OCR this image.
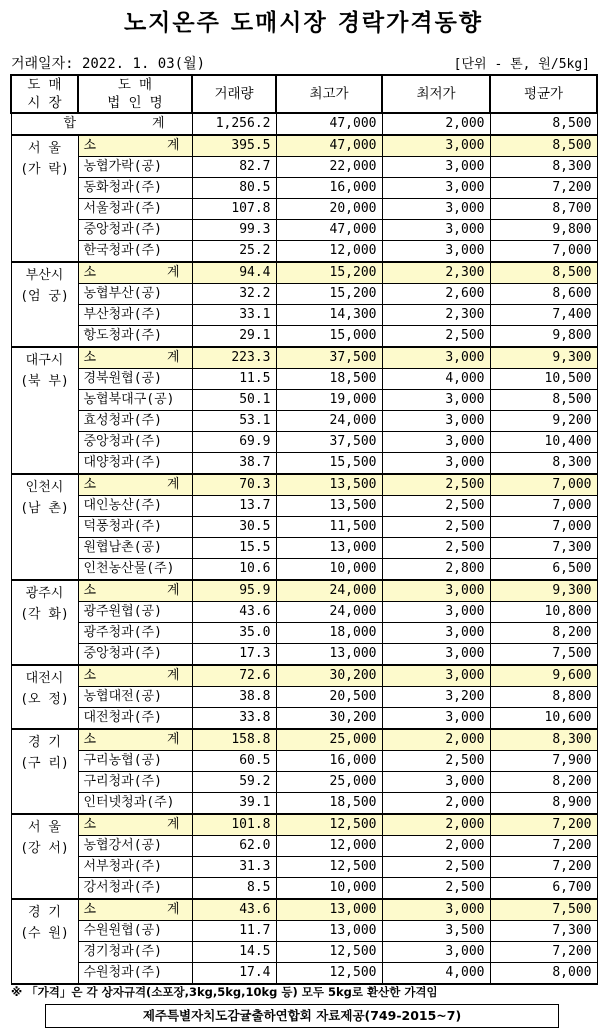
노지온주 도매시장 경락가격동향
거래일자: 2022. 1. 03(월)	[단위 - 톤, 원/5kg]
도 매
시 장	도 매
법 인 명	거래량	최고가	최저가	평균가

합 계		1,256.2	47,000	2,000	8,500
서 울
(가 락)	소 계	395.5	47,000	3,000	8,500
	농협가락(공)	82.7	22,000	3,000	8,300
	동화청과(주)	80.5	16,000	3,000	7,200
	서울청과(주)	107.8	20,000	3,000	8,700
	중앙청과(주)	99.3	47,000	3,000	9,800
	한국청과(주)	25.2	12,000	3,000	7,000
부산시
(엄 궁)	소 계	94.4	15,200	2,300	8,500
	농협부산(공)	32.2	15,200	2,600	8,600
	부산청과(주)	33.1	14,300	2,300	7,400
	항도청과(주)	29.1	15,000	2,500	9,800
대구시
(북 부)	소 계	223.3	37,500	3,000	9,300
	경북원협(공)	11.5	18,500	4,000	10,500
	농협북대구(공)	50.1	19,000	3,000	8,500
	효성청과(주)	53.1	24,000	3,000	9,200
	중앙청과(주)	69.9	37,500	3,000	10,400
	대양청과(주)	38.7	15,500	3,000	8,300
인천시
(남 촌)	소 계	70.3	13,500	2,500	7,000
	대인농산(주)	13.7	13,500	2,500	7,000
	덕풍청과(주)	30.5	11,500	2,500	7,000
	원협남촌(공)	15.5	13,000	2,500	7,300
	인천농산물(주)	10.6	10,000	2,800	6,500
광주시
(각 화)	소 계	95.9	24,000	3,000	9,300
	광주원협(공)	43.6	24,000	3,000	10,800
	광주청과(주)	35.0	18,000	3,000	8,200
	중앙청과(주)	17.3	13,000	3,000	7,500
대전시
(오 정)	소 계	72.6	30,200	3,000	9,600
	농협대전(공)	38.8	20,500	3,200	8,800
	대전청과(주)	33.8	30,200	3,000	10,600
경 기
(구 리)	소 계	158.8	25,000	2,000	8,300
	구리농협(공)	60.5	16,000	2,500	7,900
	구리청과(주)	59.2	25,000	3,000	8,200
	인터넷청과(주)	39.1	18,500	2,000	8,900
서 울
(강 서)	소 계	101.8	12,500	2,000	7,200
	농협강서(공)	62.0	12,000	2,000	7,200
	서부청과(주)	31.3	12,500	2,500	7,200
	강서청과(주)	8.5	10,000	2,500	6,700
경 기
(수 원)	소 계	43.6	13,000	3,000	7,500
	수원원협(공)	11.7	13,000	3,500	7,300
	경기청과(주)	14.5	12,500	3,000	7,200
	수원청과(주)	17.4	12,500	4,000	8,000
※ 「가격」은 각 상자규격(소포장,3kg,5kg,10kg 등) 모두 5kg로 환산한 가격임
제주특별자치도감귤출하연합회 자료제공(749-2015~7)
